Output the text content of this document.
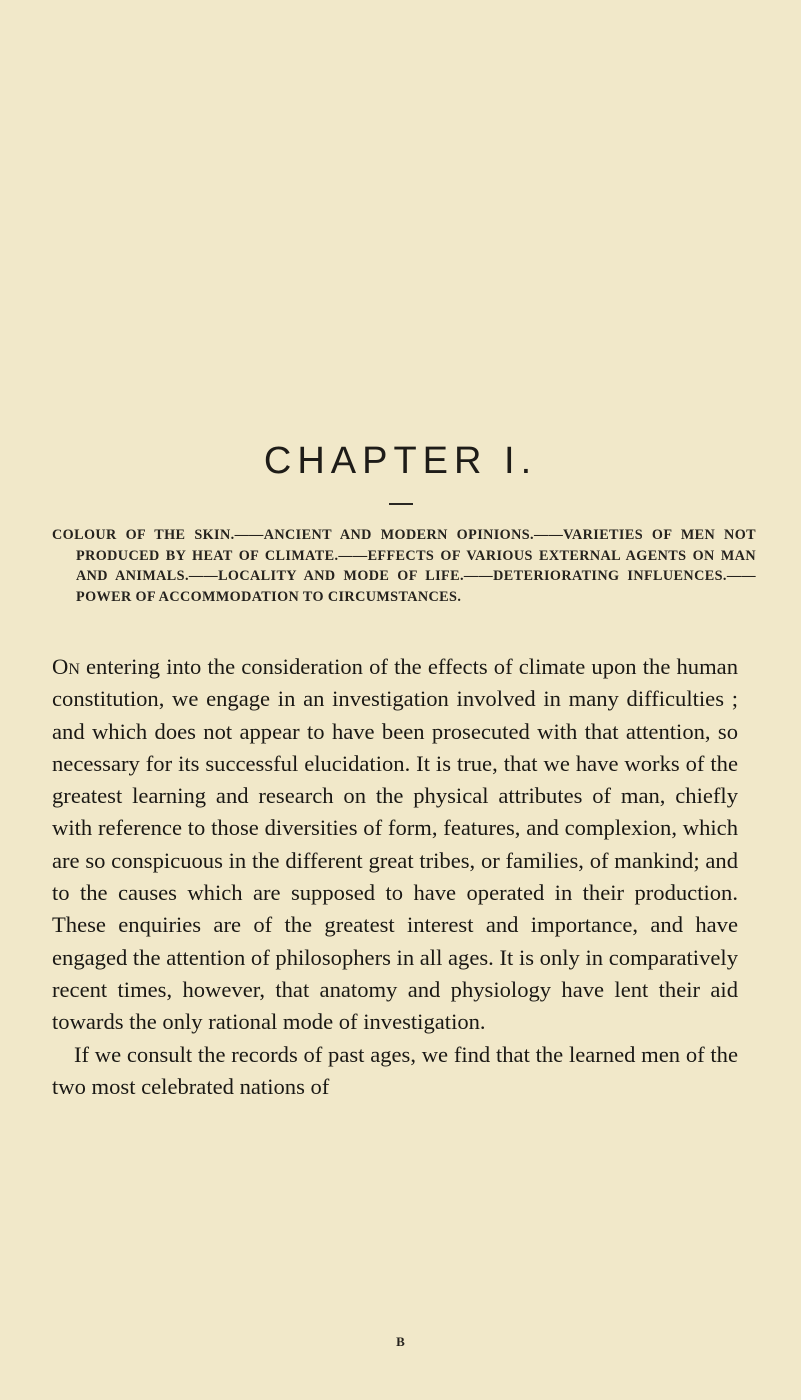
CHAPTER I.

COLOUR OF THE SKIN.——ANCIENT AND MODERN OPINIONS.——VARIETIES OF MEN NOT PRODUCED BY HEAT OF CLIMATE.——EFFECTS OF VARIOUS EXTERNAL AGENTS ON MAN AND ANIMALS.——LOCALITY AND MODE OF LIFE.——DETERIORATING INFLUENCES.——POWER OF ACCOMMODATION TO CIRCUMSTANCES.

On entering into the consideration of the effects of climate upon the human constitution, we engage in an investigation involved in many difficulties ; and which does not appear to have been prosecuted with that attention, so necessary for its successful elucidation. It is true, that we have works of the greatest learning and research on the physical attributes of man, chiefly with reference to those diversities of form, features, and complexion, which are so conspicuous in the different great tribes, or families, of mankind; and to the causes which are supposed to have operated in their production. These enquiries are of the greatest interest and importance, and have engaged the attention of philosophers in all ages. It is only in comparatively recent times, however, that anatomy and physiology have lent their aid towards the only rational mode of investigation.

If we consult the records of past ages, we find that the learned men of the two most celebrated nations of

B
